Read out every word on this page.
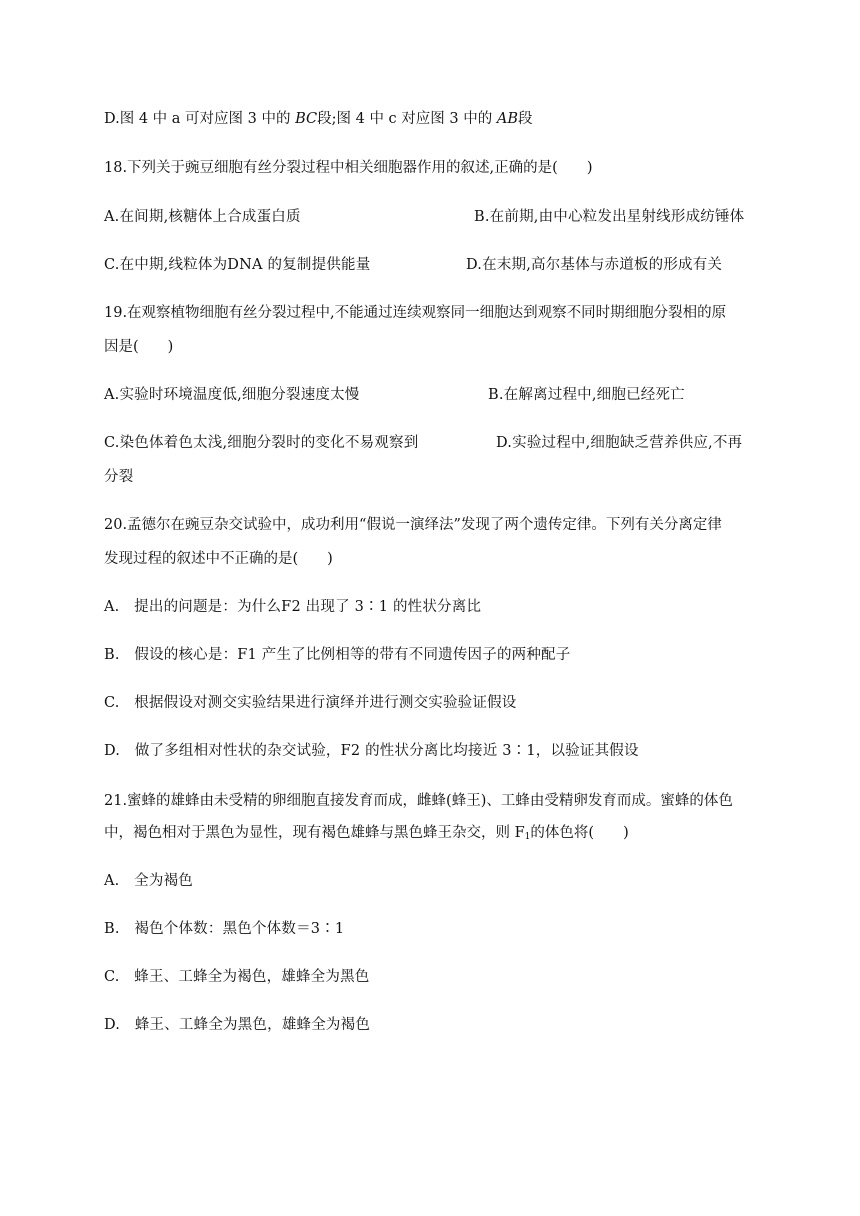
D.图 4 中 a 可对应图 3 中的 BC段;图 4 中 c 对应图 3 中的 AB段
18.下列关于豌豆细胞有丝分裂过程中相关细胞器作用的叙述,正确的是(　　)
A.在间期,核糖体上合成蛋白质	B.在前期,由中心粒发出星射线形成纺锤体
C.在中期,线粒体为DNA 的复制提供能量	D.在末期,高尔基体与赤道板的形成有关
19.在观察植物细胞有丝分裂过程中,不能通过连续观察同一细胞达到观察不同时期细胞分裂相的原
因是(　　)
A.实验时环境温度低,细胞分裂速度太慢	B.在解离过程中,细胞已经死亡
C.染色体着色太浅,细胞分裂时的变化不易观察到	D.实验过程中,细胞缺乏营养供应,不再
分裂
20.孟德尔在豌豆杂交试验中，成功利用“假说一演绎法”发现了两个遗传定律。下列有关分离定律
发现过程的叙述中不正确的是(　　)
A.　提出的问题是：为什么F2 出现了 3∶1 的性状分离比
B.　假设的核心是：F1 产生了比例相等的带有不同遗传因子的两种配子
C.　根据假设对测交实验结果进行演绎并进行测交实验验证假设
D.　做了多组相对性状的杂交试验，F2 的性状分离比均接近 3∶1，以验证其假设
21.蜜蜂的雄蜂由未受精的卵细胞直接发育而成，雌蜂(蜂王)、工蜂由受精卵发育而成。蜜蜂的体色
中，褐色相对于黑色为显性，现有褐色雄蜂与黑色蜂王杂交，则 $F_1$的体色将(　　)
A.　全为褐色
B.　褐色个体数：黑色个体数＝3∶1
C.　蜂王、工蜂全为褐色，雄蜂全为黑色
D.　蜂王、工蜂全为黑色，雄蜂全为褐色
